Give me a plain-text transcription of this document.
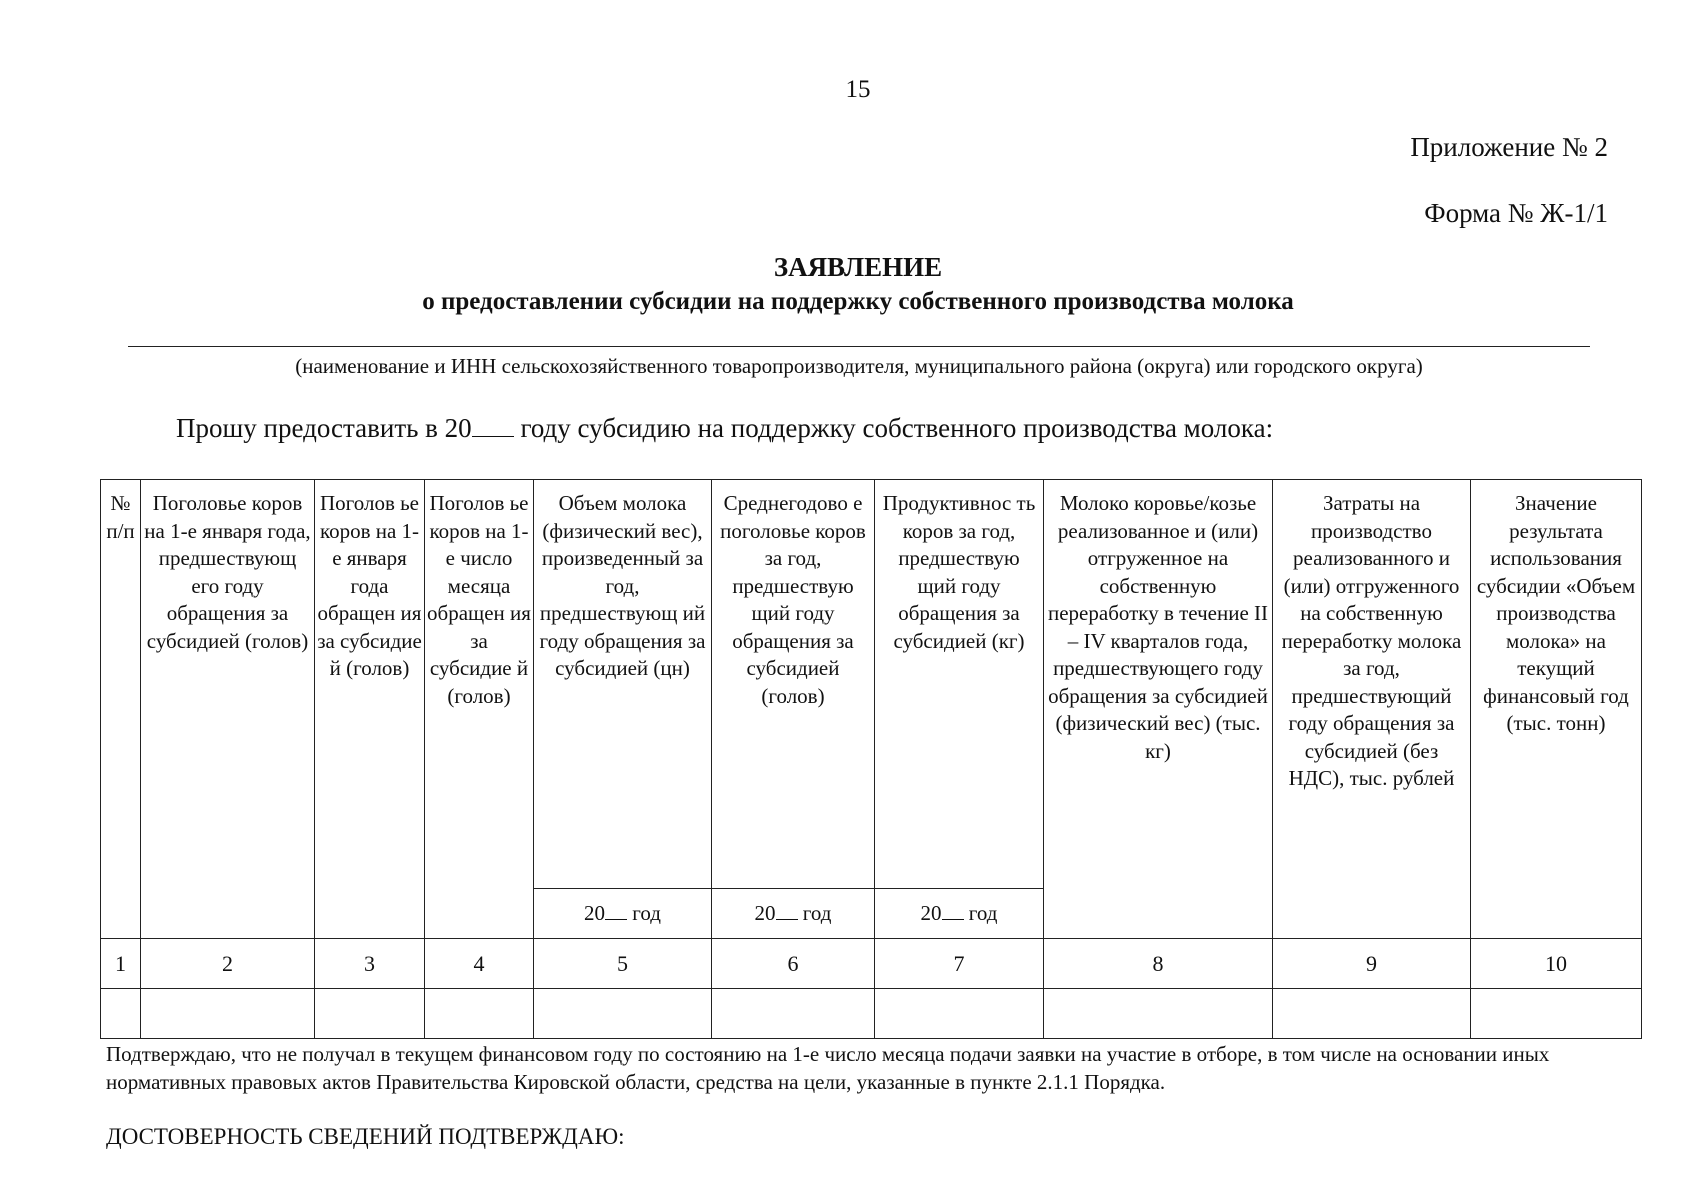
15
Приложение № 2
Форма № Ж-1/1
ЗАЯВЛЕНИЕ
о предоставлении субсидии на поддержку собственного производства молока
(наименование и ИНН сельскохозяйственного товаропроизводителя, муниципального района (округа) или городского округа)
Прошу предоставить в 20 году субсидию на поддержку собственного производства молока:
№ п/п	Поголовье коров на 1-е января года, предшествующ его году обращения за субсидией (голов)	Поголов ье коров на 1-е января года обращен ия за субсидие й (голов)	Поголов ье коров на 1-е число месяца обращен ия за субсидие й (голов)	Объем молока (физический вес), произведенный за год, предшествующ ий году обращения за субсидией (цн)	Среднегодово е поголовье коров за год, предшествую щий году обращения за субсидией (голов)	Продуктивнос ть коров за год, предшествую щий году обращения за субсидией (кг)	Молоко коровье/козье реализованное и (или) отгруженное на собственную переработку в течение II – IV кварталов года, предшествующего году обращения за субсидией (физический вес) (тыс. кг)	Затраты на производство реализованного и (или) отгруженного на собственную переработку молока за год, предшествующий году обращения за субсидией (без НДС), тыс. рублей	Значение результата использования субсидии «Объем производства молока» на текущий финансовый год (тыс. тонн)
				20 год	20 год	20 год			
1	2	3	4	5	6	7	8	9	10

Подтверждаю, что не получал в текущем финансовом году по состоянию на 1-е число месяца подачи заявки на участие в отборе, в том числе на основании иных нормативных правовых актов Правительства Кировской области, средства на цели, указанные в пункте 2.1.1 Порядка.
ДОСТОВЕРНОСТЬ СВЕДЕНИЙ ПОДТВЕРЖДАЮ:
